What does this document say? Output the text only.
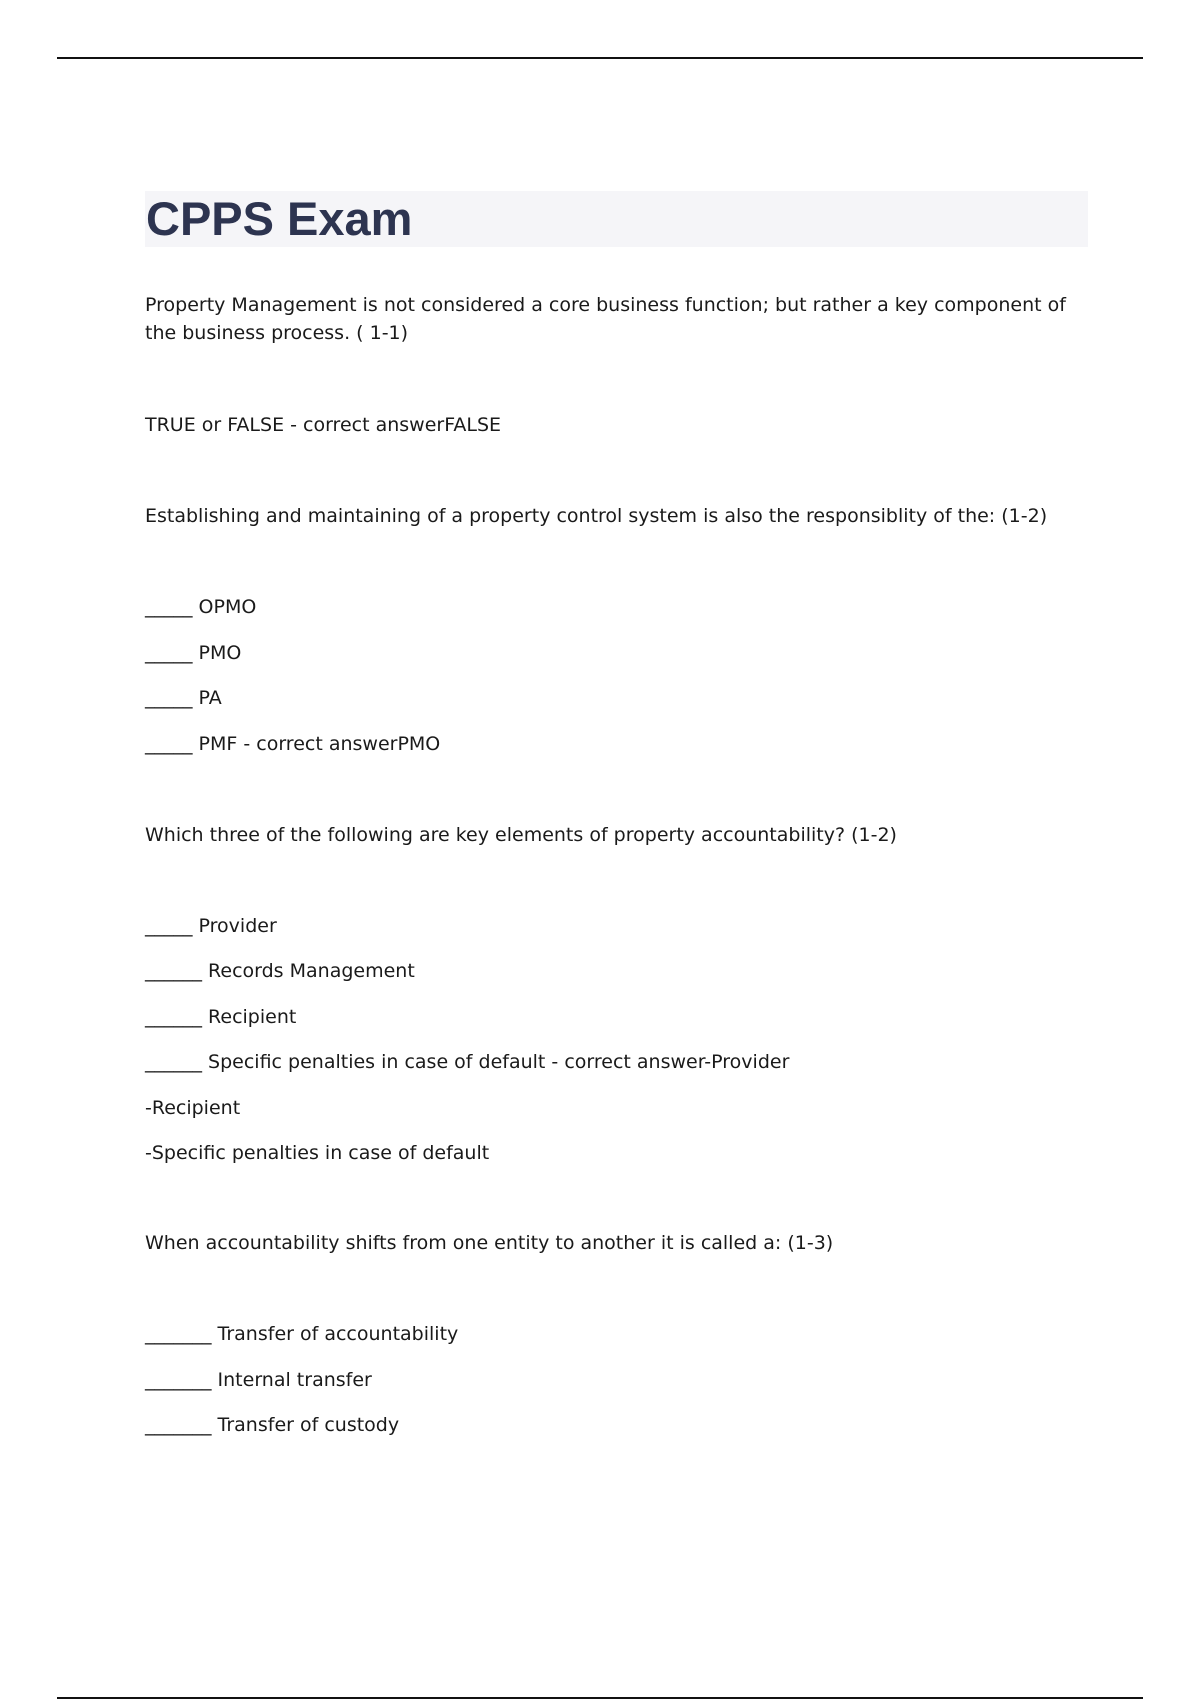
CPPS Exam

Property Management is not considered a core business function; but rather a key component of the business process. ( 1-1)

TRUE or FALSE - correct answerFALSE

Establishing and maintaining of a property control system is also the responsiblity of the: (1-2)

_____ OPMO

_____ PMO

_____ PA

_____ PMF - correct answerPMO

Which three of the following are key elements of property accountability? (1-2)

_____ Provider

______ Records Management

______ Recipient

______ Specific penalties in case of default - correct answer-Provider

-Recipient

-Specific penalties in case of default

When accountability shifts from one entity to another it is called a: (1-3)

_______ Transfer of accountability

_______ Internal transfer

_______ Transfer of custody
